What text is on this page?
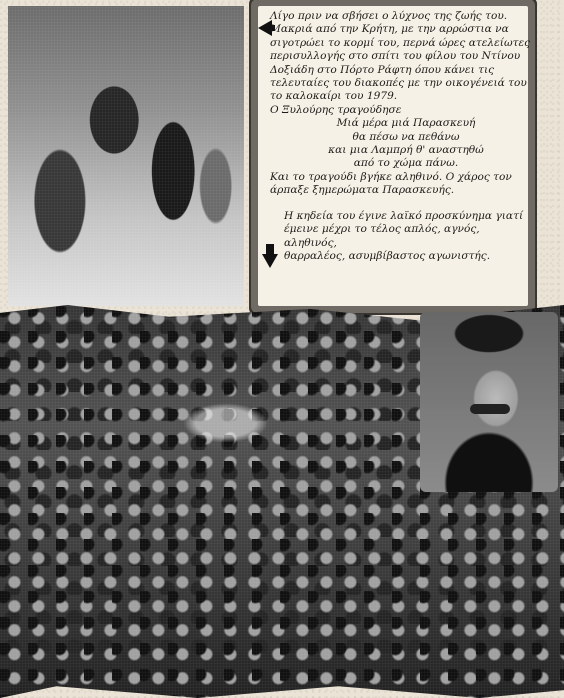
Λίγο πριν να σβήσει ο λύχνος της ζωής του.
Μακριά από την Κρήτη, με την αρρώστια να
σιγοτρώει το κορμί του, περνά ώρες ατελείωτες
περισυλλογής στο σπίτι του φίλου του Ντίνου
Δοξιάδη στο Πόρτο Ράφτη όπου κάνει τις
τελευταίες του διακοπές με την οικογένειά του
το καλοκαίρι του 1979.
Ο Ξυλούρης τραγούδησε

Μιά μέρα μιά Παρασκευή
θα πέσω να πεθάνω
και μια Λαμπρή θ' αναστηθώ
από το χώμα πάνω.

Και το τραγούδι βγήκε αληθινό. Ο χάρος τον
άρπαξε ξημερώματα Παρασκευής.

Η κηδεία του έγινε λαϊκό προσκύνημα γιατί
έμεινε μέχρι το τέλος απλός, αγνός, αληθινός,
θαρραλέος, ασυμβίβαστος αγωνιστής.
